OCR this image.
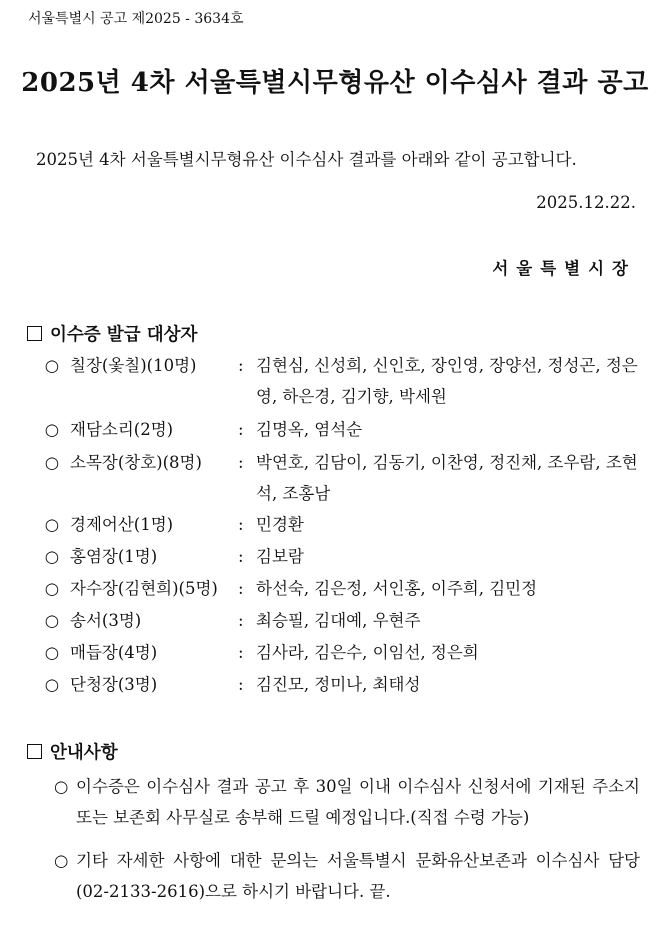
서울특별시 공고 제2025 - 3634호
2025년 4차 서울특별시무형유산 이수심사 결과 공고
2025년 4차 서울특별시무형유산 이수심사 결과를 아래와 같이 공고합니다.
2025.12.22.
서울특별시장
이수증 발급 대상자
○ 칠장(옻칠)(10명)	: 김현심, 신성희, 신인호, 장인영, 장양선, 정성곤, 정은영, 하은경, 김기향, 박세원
○ 재담소리(2명)	: 김명옥, 염석순
○ 소목장(창호)(8명) : 박연호, 김담이, 김동기, 이찬영, 정진채, 조우람, 조현석, 조홍남
○ 경제어산(1명)	: 민경환
○ 홍염장(1명)	: 김보람
○ 자수장(김현희)(5명) : 하선숙, 김은정, 서인홍, 이주희, 김민정
○ 송서(3명)	: 최승필, 김대예, 우현주
○ 매듭장(4명)	: 김사라, 김은수, 이임선, 정은희
○ 단청장(3명)	: 김진모, 정미나, 최태성
안내사항
○ 이수증은 이수심사 결과 공고 후 30일 이내 이수심사 신청서에 기재된 주소지 또는 보존회 사무실로 송부해 드릴 예정입니다.(직접 수령 가능)
○ 기타 자세한 사항에 대한 문의는 서울특별시 문화유산보존과 이수심사 담당 (02-2133-2616)으로 하시기 바랍니다. 끝.
